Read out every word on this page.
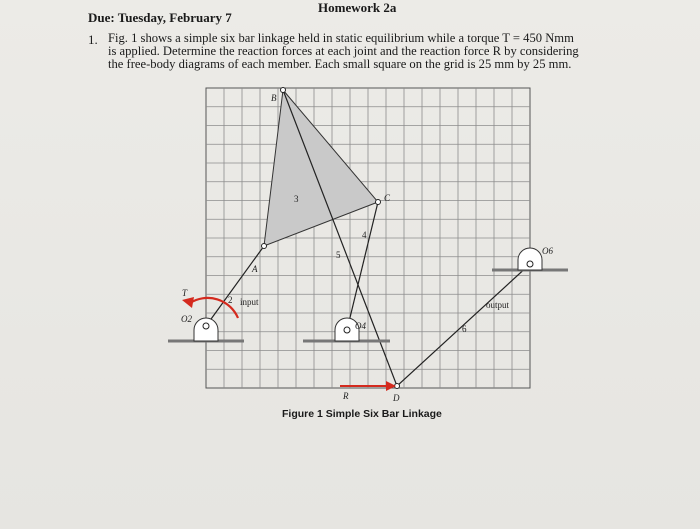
Homework 2a
Due: Tuesday, February 7
1. Fig. 1 shows a simple six bar linkage held in static equilibrium while a torque T = 450 Nmm
is applied. Determine the reaction forces at each joint and the reaction force R by considering
the free-body diagrams of each member. Each small square on the grid is 25 mm by 25 mm.
B
C
A
D
R
T
O2
O4
O6
2
3
4
5
6
input	output
Figure 1 Simple Six Bar Linkage
